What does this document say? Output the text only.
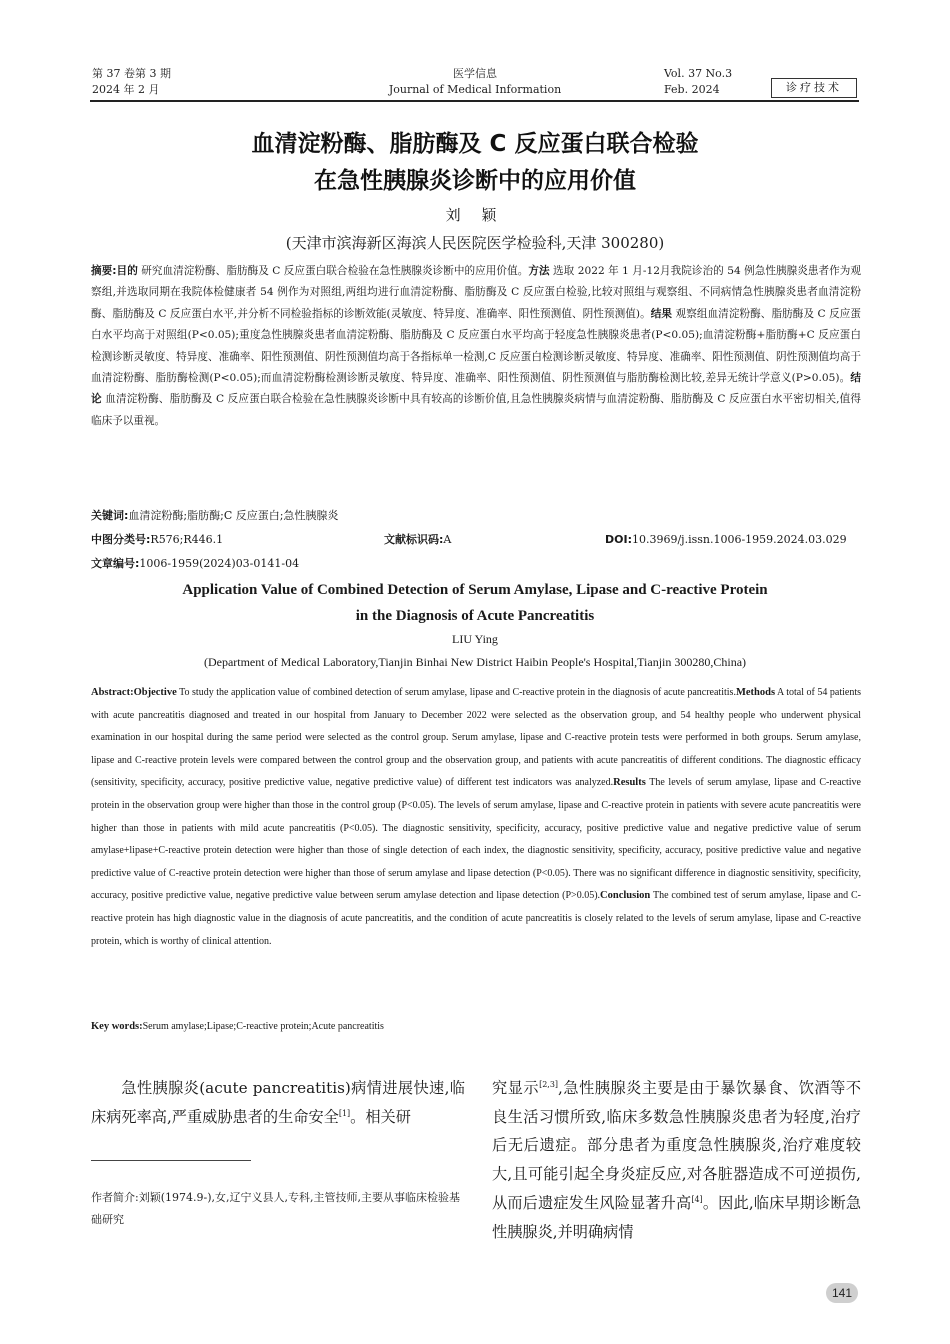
第 37 卷第 3 期
2024 年 2 月
医学信息
Journal of Medical Information
Vol. 37 No.3
Feb. 2024	诊疗技术
血清淀粉酶、脂肪酶及 C 反应蛋白联合检验
在急性胰腺炎诊断中的应用价值
刘 颖
(天津市滨海新区海滨人民医院医学检验科,天津 300280)
摘要:目的 研究血清淀粉酶、脂肪酶及 C 反应蛋白联合检验在急性胰腺炎诊断中的应用价值。方法 选取 2022 年 1 月-12月我院诊治的 54 例急性胰腺炎患者作为观察组,并选取同期在我院体检健康者 54 例作为对照组,两组均进行血清淀粉酶、脂肪酶及 C 反应蛋白检验,比较对照组与观察组、不同病情急性胰腺炎患者血清淀粉酶、脂肪酶及 C 反应蛋白水平,并分析不同检验指标的诊断效能(灵敏度、特异度、准确率、阳性预测值、阴性预测值)。结果 观察组血清淀粉酶、脂肪酶及 C 反应蛋白水平均高于对照组(P<0.05);重度急性胰腺炎患者血清淀粉酶、脂肪酶及 C 反应蛋白水平均高于轻度急性胰腺炎患者(P<0.05);血清淀粉酶+脂肪酶+C 反应蛋白检测诊断灵敏度、特异度、准确率、阳性预测值、阴性预测值均高于各指标单一检测,C 反应蛋白检测诊断灵敏度、特异度、准确率、阳性预测值、阴性预测值均高于血清淀粉酶、脂肪酶检测(P<0.05);而血清淀粉酶检测诊断灵敏度、特异度、准确率、阳性预测值、阴性预测值与脂肪酶检测比较,差异无统计学意义(P>0.05)。结论 血清淀粉酶、脂肪酶及 C 反应蛋白联合检验在急性胰腺炎诊断中具有较高的诊断价值,且急性胰腺炎病情与血清淀粉酶、脂肪酶及 C 反应蛋白水平密切相关,值得临床予以重视。
关键词:血清淀粉酶;脂肪酶;C 反应蛋白;急性胰腺炎
中图分类号:R576;R446.1	文献标识码:A	DOI:10.3969/j.issn.1006-1959.2024.03.029
文章编号:1006-1959(2024)03-0141-04
Application Value of Combined Detection of Serum Amylase, Lipase and C-reactive Protein
in the Diagnosis of Acute Pancreatitis
LIU Ying
(Department of Medical Laboratory,Tianjin Binhai New District Haibin People's Hospital,Tianjin 300280,China)
Abstract:Objective To study the application value of combined detection of serum amylase, lipase and C-reactive protein in the diagnosis of acute pancreatitis.Methods A total of 54 patients with acute pancreatitis diagnosed and treated in our hospital from January to December 2022 were selected as the observation group, and 54 healthy people who underwent physical examination in our hospital during the same period were selected as the control group. Serum amylase, lipase and C-reactive protein tests were performed in both groups. Serum amylase, lipase and C-reactive protein levels were compared between the control group and the observation group, and patients with acute pancreatitis of different conditions. The diagnostic efficacy (sensitivity, specificity, accuracy, positive predictive value, negative predictive value) of different test indicators was analyzed.Results The levels of serum amylase, lipase and C-reactive protein in the observation group were higher than those in the control group (P<0.05). The levels of serum amylase, lipase and C-reactive protein in patients with severe acute pancreatitis were higher than those in patients with mild acute pancreatitis (P<0.05). The diagnostic sensitivity, specificity, accuracy, positive predictive value and negative predictive value of serum amylase+lipase+C-reactive protein detection were higher than those of single detection of each index, the diagnostic sensitivity, specificity, accuracy, positive predictive value and negative predictive value of C-reactive protein detection were higher than those of serum amylase and lipase detection (P<0.05). There was no significant difference in diagnostic sensitivity, specificity, accuracy, positive predictive value, negative predictive value between serum amylase detection and lipase detection (P>0.05).Conclusion The combined test of serum amylase, lipase and C-reactive protein has high diagnostic value in the diagnosis of acute pancreatitis, and the condition of acute pancreatitis is closely related to the levels of serum amylase, lipase and C-reactive protein, which is worthy of clinical attention.
Key words:Serum amylase;Lipase;C-reactive protein;Acute pancreatitis
急性胰腺炎(acute pancreatitis)病情进展快速,临床病死率高,严重威胁患者的生命安全[1]。相关研
究显示[2,3],急性胰腺炎主要是由于暴饮暴食、饮酒等不良生活习惯所致,临床多数急性胰腺炎患者为轻度,治疗后无后遗症。部分患者为重度急性胰腺炎,治疗难度较大,且可能引起全身炎症反应,对各脏器造成不可逆损伤,从而后遗症发生风险显著升高[4]。因此,临床早期诊断急性胰腺炎,并明确病情
作者简介:刘颖(1974.9-),女,辽宁义县人,专科,主管技师,主要从事临床检验基础研究
141
